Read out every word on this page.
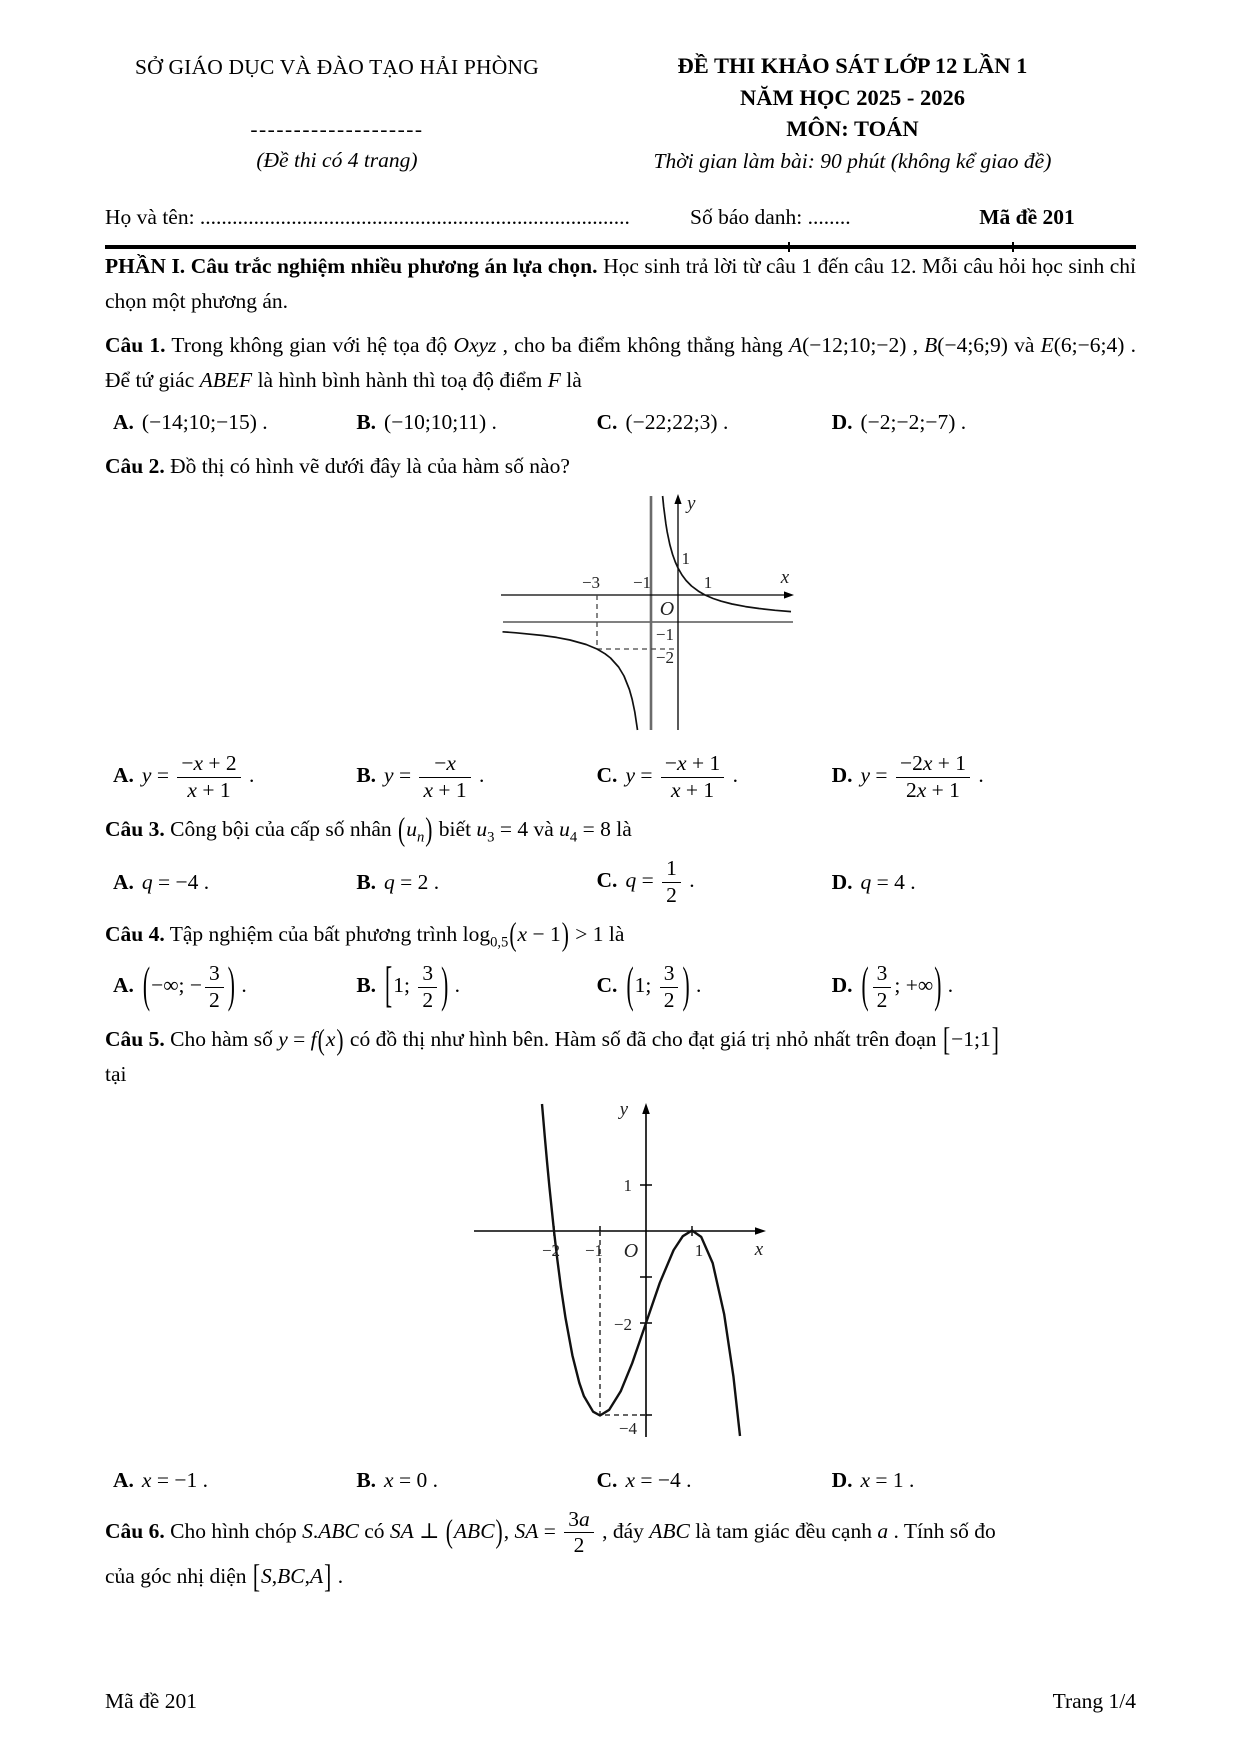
SỞ GIÁO DỤC VÀ ĐÀO TẠO HẢI PHÒNG
--------------------
(Đề thi có 4 trang)
ĐỀ THI KHẢO SÁT LỚP 12 LẦN 1
NĂM HỌC 2025 - 2026
MÔN: TOÁN
Thời gian làm bài: 90 phút (không kể giao đề)
Họ và tên: ................................................................................	Số báo danh: ........	Mã đề 201

PHẦN I. Câu trắc nghiệm nhiều phương án lựa chọn. Học sinh trả lời từ câu 1 đến câu 12. Mỗi câu hỏi học sinh chỉ chọn một phương án.

Câu 1. Trong không gian với hệ tọa độ Oxyz , cho ba điểm không thẳng hàng A(−12;10;−2) , B(−4;6;9) và E(6;−6;4) . Để tứ giác ABEF là hình bình hành thì toạ độ điểm F là

A. (−14;10;−15) .	B. (−10;10;11) .	C. (−22;22;3) .	D. (−2;−2;−7) .

Câu 2. Đồ thị có hình vẽ dưới đây là của hàm số nào?

−3 −1	1	x
y
1
−1
−2
O
A. $y = \frac{-x + 2}{x + 1}$ .	B. $y = \frac{-x}{x + 1}$ .	C. $y = \frac{-x + 1}{x + 1}$ .	D. $y = \frac{-2x + 1}{2x + 1}$ .

Câu 3. Công bội của cấp số nhân $(u_n)$ biết $u_3 = 4$ và $u_4 = 8$ là

A. q = −4 .	B. q = 2 .	C. $q = \frac{1}{2}$ .	D. q = 4 .

Câu 4. Tập nghiệm của bất phương trình $\log_{0,5}(x - 1) > 1$ là

A. (−∞; − $\frac{3}{2}$ ) .	B. [1; $\frac{3}{2}$ ) .	C. (1; $\frac{3}{2}$ ) .	D. ( $\frac{3}{2}$ ; +∞) .

Câu 5. Cho hàm số y = f(x) có đồ thị như hình bên. Hàm số đã cho đạt giá trị nhỏ nhất trên đoạn [−1;1]

tại

−2 −1	1	x
y
1
−2
−4
O
A. x = −1 .	B. x = 0 .	C. x = −4 .	D. x = 1 .

Câu 6. Cho hình chóp S.ABC có SA ⊥ (ABC), SA = $\frac{3a}{2}$ , đáy ABC là tam giác đều cạnh a . Tính số đo

của góc nhị diện [S,BC,A] .

Mã đề 201	Trang 1/4
